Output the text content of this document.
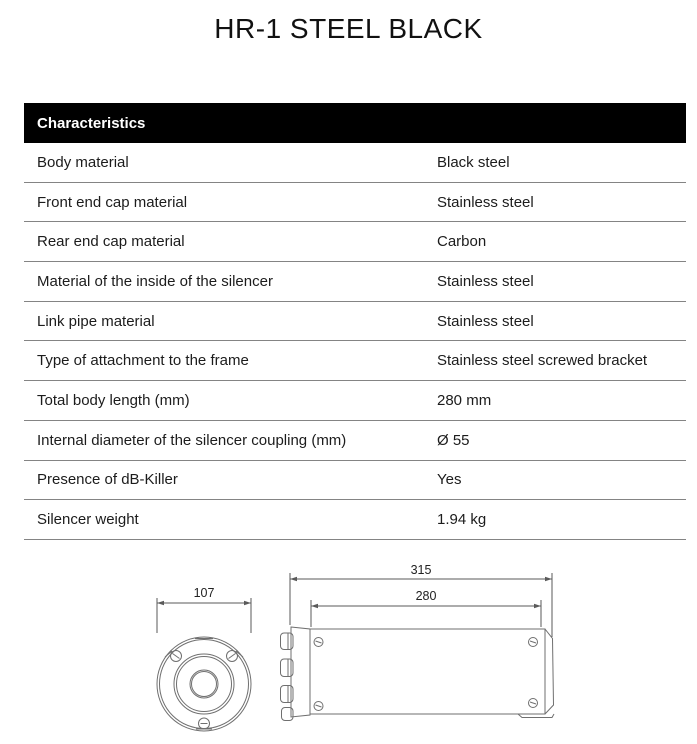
HR-1 STEEL BLACK
Characteristics
Body material	Black steel
Front end cap material	Stainless steel
Rear end cap material	Carbon
Material of the inside of the silencer	Stainless steel
Link pipe material	Stainless steel
Type of attachment to the frame	Stainless steel screwed bracket
Total body length (mm)	280 mm
Internal diameter of the silencer coupling (mm)	Ø 55
Presence of dB-Killer	Yes
Silencer weight	1.94 kg
107
315
280
